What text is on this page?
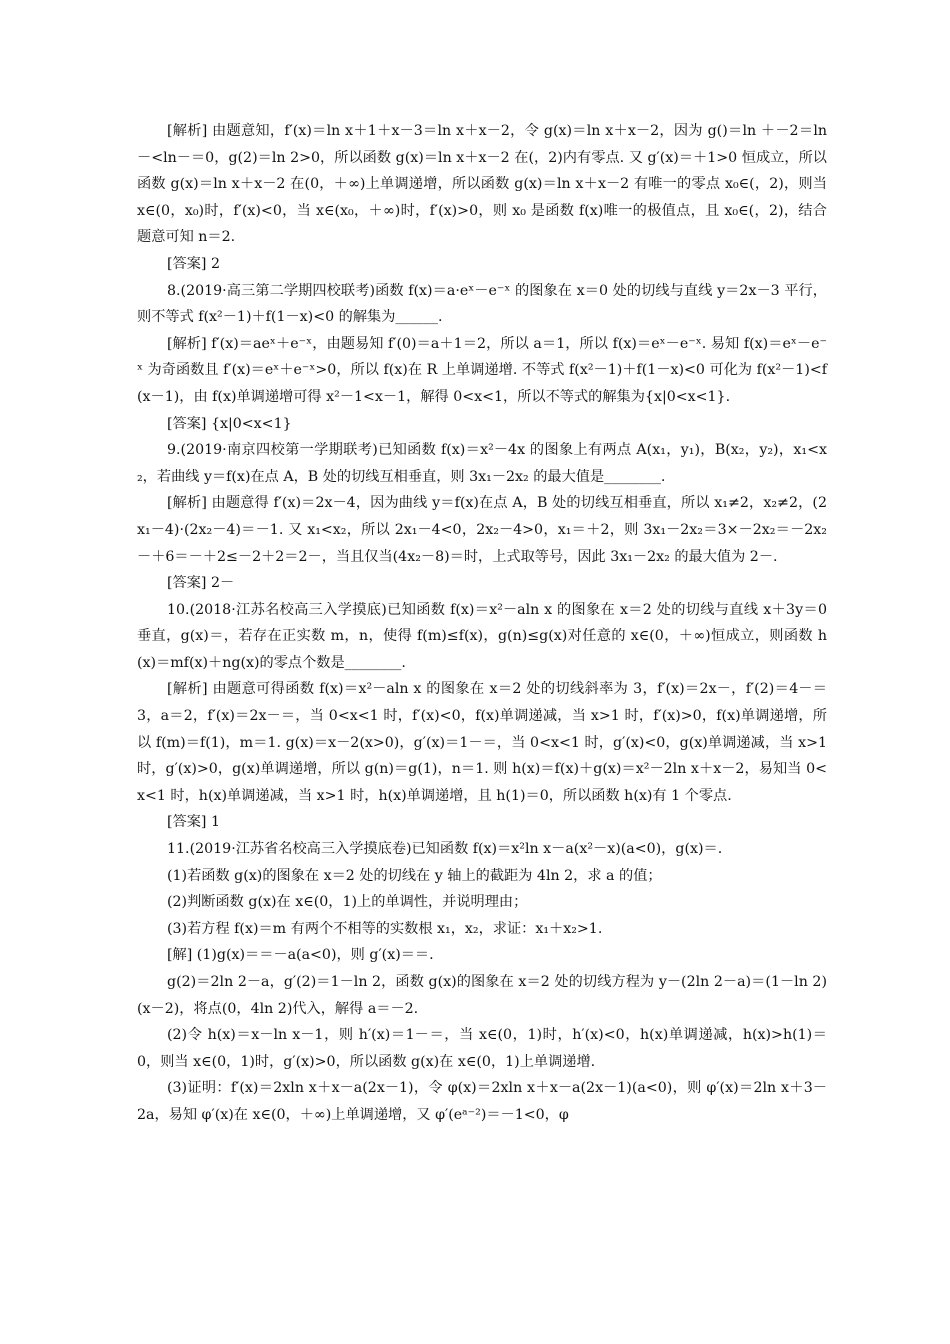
[解析] 由题意知，f′(x)＝ln x＋1＋x－3＝ln x＋x－2，令 g(x)＝ln x＋x－2，因为 g()＝ln ＋－2＝ln －<ln－＝0，g(2)＝ln 2>0，所以函数 g(x)＝ln x＋x－2 在(，2)内有零点. 又 g′(x)＝＋1>0 恒成立，所以函数 g(x)＝ln x＋x－2 在(0，＋∞)上单调递增，所以函数 g(x)＝ln x＋x－2 有唯一的零点 x₀∈(，2)，则当 x∈(0，x₀)时，f′(x)<0，当 x∈(x₀，＋∞)时，f′(x)>0，则 x₀ 是函数 f(x)唯一的极值点，且 x₀∈(，2)，结合题意可知 n＝2.

[答案] 2

8.(2019·高三第二学期四校联考)函数 f(x)＝a·eˣ－e⁻ˣ 的图象在 x＝0 处的切线与直线 y＝2x－3 平行，则不等式 f(x²－1)＋f(1－x)<0 的解集为______.

[解析] f′(x)＝aeˣ＋e⁻ˣ，由题易知 f′(0)＝a＋1＝2，所以 a＝1，所以 f(x)＝eˣ－e⁻ˣ. 易知 f(x)＝eˣ－e⁻ˣ 为奇函数且 f′(x)＝eˣ＋e⁻ˣ>0，所以 f(x)在 R 上单调递增. 不等式 f(x²－1)＋f(1－x)<0 可化为 f(x²－1)<f(x－1)，由 f(x)单调递增可得 x²－1<x－1，解得 0<x<1，所以不等式的解集为{x|0<x<1}.

[答案] {x|0<x<1}

9.(2019·南京四校第一学期联考)已知函数 f(x)＝x²－4x 的图象上有两点 A(x₁，y₁)，B(x₂，y₂)，x₁<x₂，若曲线 y＝f(x)在点 A，B 处的切线互相垂直，则 3x₁－2x₂ 的最大值是________.

[解析] 由题意得 f′(x)＝2x－4，因为曲线 y＝f(x)在点 A，B 处的切线互相垂直，所以 x₁≠2，x₂≠2，(2x₁－4)·(2x₂－4)＝－1. 又 x₁<x₂，所以 2x₁－4<0，2x₂－4>0，x₁＝＋2，则 3x₁－2x₂＝3×－2x₂＝－2x₂－＋6＝－＋2≤－2＋2＝2－，当且仅当(4x₂－8)＝时，上式取等号，因此 3x₁－2x₂ 的最大值为 2－.

[答案] 2－

10.(2018·江苏名校高三入学摸底)已知函数 f(x)＝x²－aln x 的图象在 x＝2 处的切线与直线 x＋3y＝0 垂直，g(x)＝，若存在正实数 m，n，使得 f(m)≤f(x)，g(n)≤g(x)对任意的 x∈(0，＋∞)恒成立，则函数 h(x)＝mf(x)＋ng(x)的零点个数是________.

[解析] 由题意可得函数 f(x)＝x²－aln x 的图象在 x＝2 处的切线斜率为 3，f′(x)＝2x－，f′(2)＝4－＝3，a＝2，f′(x)＝2x－＝，当 0<x<1 时，f′(x)<0，f(x)单调递减，当 x>1 时，f′(x)>0，f(x)单调递增，所以 f(m)＝f(1)，m＝1. g(x)＝x－2(x>0)，g′(x)＝1－＝，当 0<x<1 时，g′(x)<0，g(x)单调递减，当 x>1 时，g′(x)>0，g(x)单调递增，所以 g(n)＝g(1)，n＝1. 则 h(x)＝f(x)＋g(x)＝x²－2ln x＋x－2，易知当 0<x<1 时，h(x)单调递减，当 x>1 时，h(x)单调递增，且 h(1)＝0，所以函数 h(x)有 1 个零点.

[答案] 1

11.(2019·江苏省名校高三入学摸底卷)已知函数 f(x)＝x²ln x－a(x²－x)(a<0)，g(x)＝.

(1)若函数 g(x)的图象在 x＝2 处的切线在 y 轴上的截距为 4ln 2，求 a 的值；

(2)判断函数 g(x)在 x∈(0，1)上的单调性，并说明理由；

(3)若方程 f(x)＝m 有两个不相等的实数根 x₁，x₂，求证：x₁＋x₂>1.

[解] (1)g(x)＝＝－a(a<0)，则 g′(x)＝＝.

g(2)＝2ln 2－a，g′(2)＝1－ln 2，函数 g(x)的图象在 x＝2 处的切线方程为 y－(2ln 2－a)＝(1－ln 2)(x－2)，将点(0，4ln 2)代入，解得 a＝－2.

(2)令 h(x)＝x－ln x－1，则 h′(x)＝1－＝，当 x∈(0，1)时，h′(x)<0，h(x)单调递减，h(x)>h(1)＝0，则当 x∈(0，1)时，g′(x)>0，所以函数 g(x)在 x∈(0，1)上单调递增.

(3)证明：f′(x)＝2xln x＋x－a(2x－1)，令 φ(x)＝2xln x＋x－a(2x－1)(a<0)，则 φ′(x)＝2ln x＋3－2a，易知 φ′(x)在 x∈(0，＋∞)上单调递增，又 φ′(eᵃ⁻²)＝－1<0，φ
